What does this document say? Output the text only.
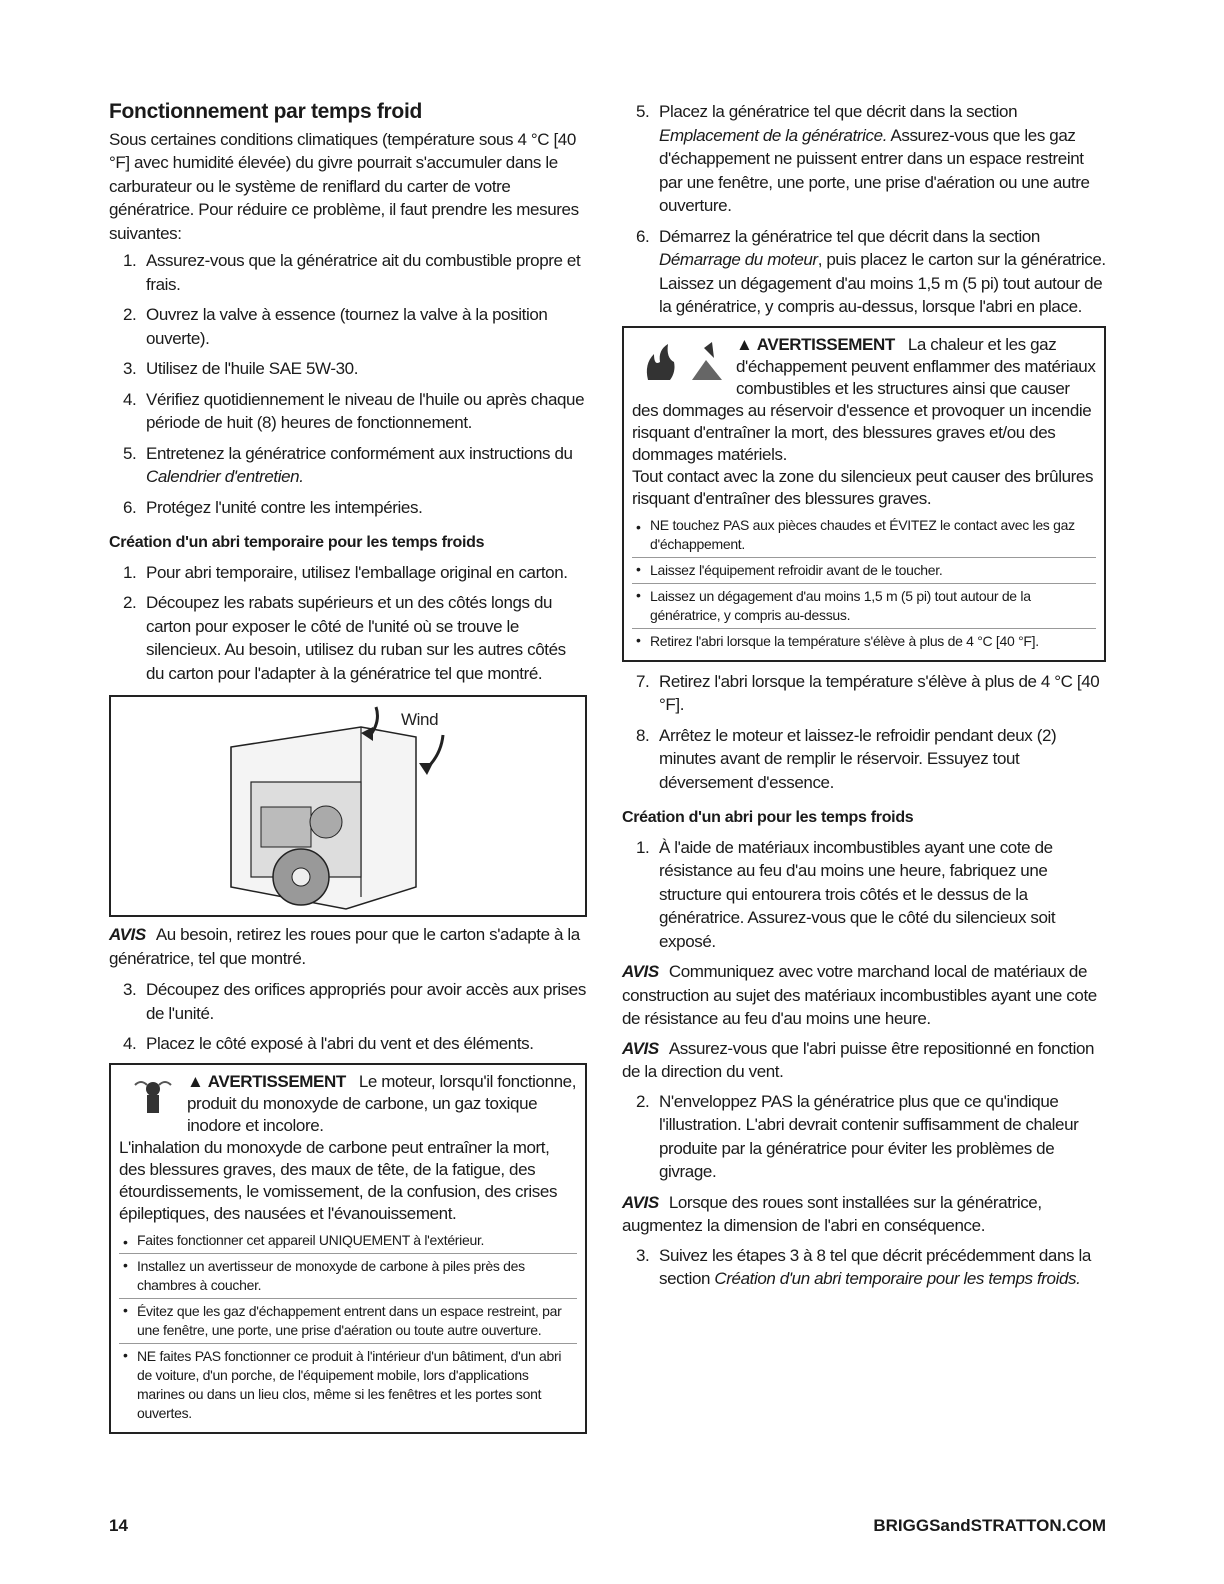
Fonctionnement par temps froid

Sous certaines conditions climatiques (température sous 4 °C [40 °F] avec humidité élevée) du givre pourrait s'accumuler dans le carburateur ou le système de reniflard du carter de votre génératrice. Pour réduire ce problème, il faut prendre les mesures suivantes:

1. Assurez-vous que la génératrice ait du combustible propre et frais.
2. Ouvrez la valve à essence (tournez la valve à la position ouverte).
3. Utilisez de l'huile SAE 5W-30.
4. Vérifiez quotidiennement le niveau de l'huile ou après chaque période de huit (8) heures de fonctionnement.
5. Entretenez la génératrice conformément aux instructions du Calendrier d'entretien.
6. Protégez l'unité contre les intempéries.
Création d'un abri temporaire pour les temps froids
1. Pour abri temporaire, utilisez l'emballage original en carton.
2. Découpez les rabats supérieurs et un des côtés longs du carton pour exposer le côté de l'unité où se trouve le silencieux. Au besoin, utilisez du ruban sur les autres côtés du carton pour l'adapter à la génératrice tel que montré.
Wind

AVIS Au besoin, retirez les roues pour que le carton s'adapte à la génératrice, tel que montré.

3. Découpez des orifices appropriés pour avoir accès aux prises de l'unité.
4. Placez le côté exposé à l'abri du vent et des éléments.
▲ AVERTISSEMENT Le moteur, lorsqu'il fonctionne, produit du monoxyde de carbone, un gaz toxique inodore et incolore.
L'inhalation du monoxyde de carbone peut entraîner la mort, des blessures graves, des maux de tête, de la fatigue, des étourdissements, le vomissement, de la confusion, des crises épileptiques, des nausées et l'évanouissement.
• Faites fonctionner cet appareil UNIQUEMENT à l'extérieur.
• Installez un avertisseur de monoxyde de carbone à piles près des chambres à coucher.
• Évitez que les gaz d'échappement entrent dans un espace restreint, par une fenêtre, une porte, une prise d'aération ou toute autre ouverture.
• NE faites PAS fonctionner ce produit à l'intérieur d'un bâtiment, d'un abri de voiture, d'un porche, de l'équipement mobile, lors d'applications marines ou dans un lieu clos, même si les fenêtres et les portes sont ouvertes.
5. Placez la génératrice tel que décrit dans la section Emplacement de la génératrice. Assurez-vous que les gaz d'échappement ne puissent entrer dans un espace restreint par une fenêtre, une porte, une prise d'aération ou une autre ouverture.
6. Démarrez la génératrice tel que décrit dans la section Démarrage du moteur, puis placez le carton sur la génératrice. Laissez un dégagement d'au moins 1,5 m (5 pi) tout autour de la génératrice, y compris au-dessus, lorsque l'abri en place.
▲ AVERTISSEMENT La chaleur et les gaz d'échappement peuvent enflammer des matériaux combustibles et les structures ainsi que causer des dommages au réservoir d'essence et provoquer un incendie risquant d'entraîner la mort, des blessures graves et/ou des dommages matériels.
Tout contact avec la zone du silencieux peut causer des brûlures risquant d'entraîner des blessures graves.
• NE touchez PAS aux pièces chaudes et ÉVITEZ le contact avec les gaz d'échappement.
• Laissez l'équipement refroidir avant de le toucher.
• Laissez un dégagement d'au moins 1,5 m (5 pi) tout autour de la génératrice, y compris au-dessus.
• Retirez l'abri lorsque la température s'élève à plus de 4 °C [40 °F].
7. Retirez l'abri lorsque la température s'élève à plus de 4 °C [40 °F].
8. Arrêtez le moteur et laissez-le refroidir pendant deux (2) minutes avant de remplir le réservoir. Essuyez tout déversement d'essence.
Création d'un abri pour les temps froids
1. À l'aide de matériaux incombustibles ayant une cote de résistance au feu d'au moins une heure, fabriquez une structure qui entourera trois côtés et le dessus de la génératrice. Assurez-vous que le côté du silencieux soit exposé.

AVIS Communiquez avec votre marchand local de matériaux de construction au sujet des matériaux incombustibles ayant une cote de résistance au feu d'au moins une heure.

AVIS Assurez-vous que l'abri puisse être repositionné en fonction de la direction du vent.

2. N'enveloppez PAS la génératrice plus que ce qu'indique l'illustration. L'abri devrait contenir suffisamment de chaleur produite par la génératrice pour éviter les problèmes de givrage.

AVIS Lorsque des roues sont installées sur la génératrice, augmentez la dimension de l'abri en conséquence.

3. Suivez les étapes 3 à 8 tel que décrit précédemment dans la section Création d'un abri temporaire pour les temps froids.
14	BRIGGSandSTRATTON.COM
